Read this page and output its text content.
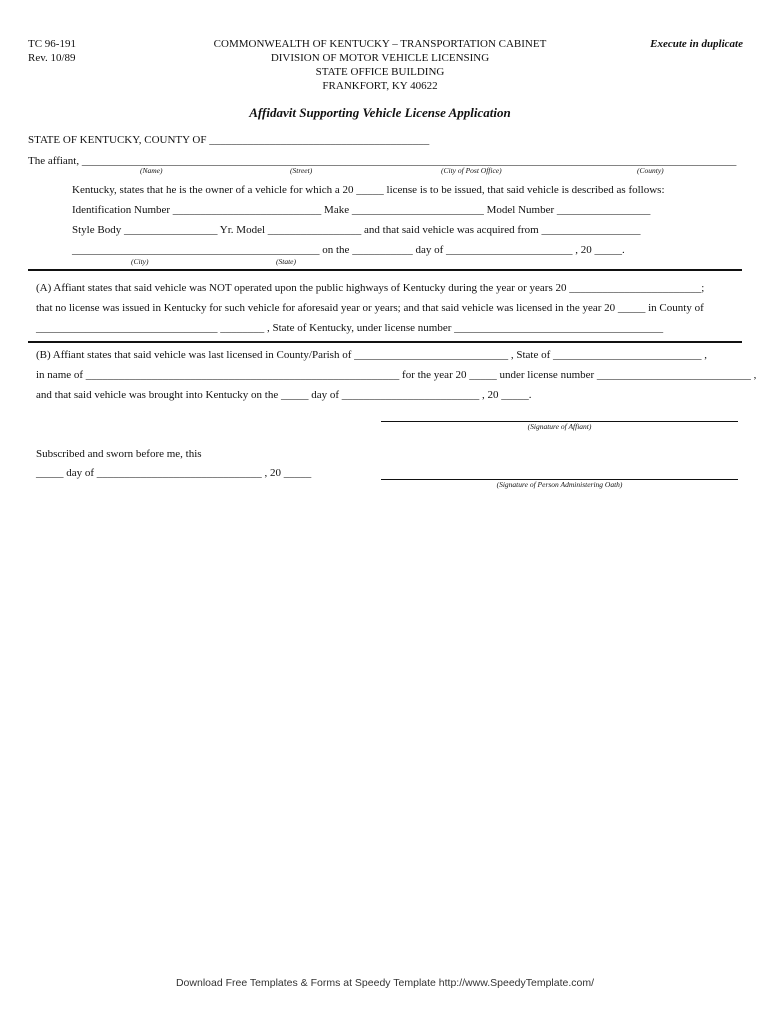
TC 96-191
Rev. 10/89
COMMONWEALTH OF KENTUCKY – TRANSPORTATION CABINET
DIVISION OF MOTOR VEHICLE LICENSING
STATE OFFICE BUILDING
FRANKFORT, KY 40622
Execute in duplicate
Affidavit Supporting Vehicle License Application
STATE OF KENTUCKY, COUNTY OF ________________________________________
The affiant, _______________________________________________________________________________________________________________________
(Name)	(Street)	(City of Post Office)	(County)
Kentucky, states that he is the owner of a vehicle for which a 20 _____ license is to be issued, that said vehicle is described as follows:
Identification Number ___________________________ Make ________________________ Model Number _________________
Style Body _________________ Yr. Model _________________ and that said vehicle was acquired from __________________
_____________________________________________ on the ___________ day of _______________________ , 20 _____.
(City)	(State)
(A) Affiant states that said vehicle was NOT operated upon the public highways of Kentucky during the year or years 20 ________________________;
that no license was issued in Kentucky for such vehicle for aforesaid year or years; and that said vehicle was licensed in the year 20 _____ in County of
_________________________________ ________ , State of Kentucky, under license number ______________________________________
(B) Affiant states that said vehicle was last licensed in County/Parish of ____________________________ , State of ___________________________ ,
in name of _________________________________________________________ for the year 20 _____ under license number ____________________________ ,
and that said vehicle was brought into Kentucky on the _____ day of _________________________ , 20 _____.
(Signature of Affiant)
Subscribed and sworn before me, this
_____ day of ______________________________ , 20 _____
(Signature of Person Administering Oath)
Download Free Templates & Forms at Speedy Template http://www.SpeedyTemplate.com/
